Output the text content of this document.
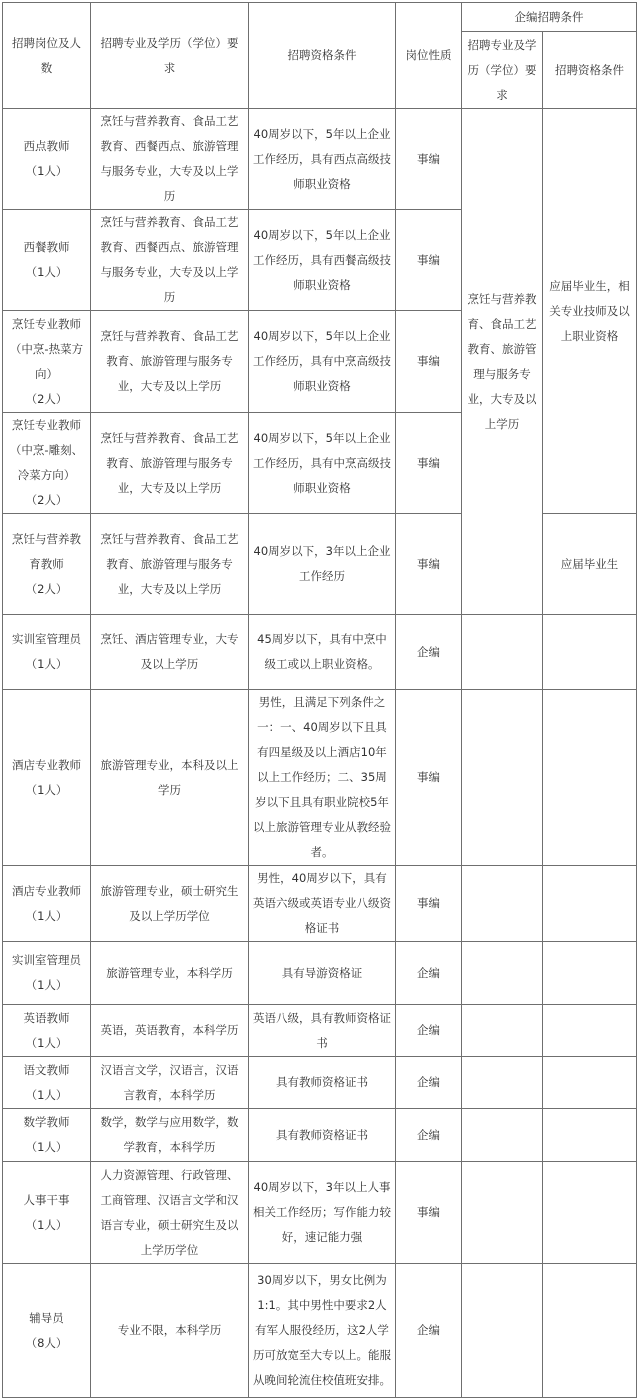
招聘岗位及人数	招聘专业及学历（学位）要求	招聘资格条件	岗位性质	企编招聘条件	
				招聘专业及学历（学位）要求	招聘资格条件

西点教师
（1人）	烹饪与营养教育、食品工艺教育、西餐西点、旅游管理与服务专业，大专及以上学历	40周岁以下，5年以上企业工作经历，具有西点高级技师职业资格	事编	烹饪与营养教育、食品工艺教育、旅游管理与服务专业，大专及以上学历	应届毕业生，相关专业技师及以上职业资格

西餐教师
（1人）	烹饪与营养教育、食品工艺教育、西餐西点、旅游管理与服务专业，大专及以上学历	40周岁以下，5年以上企业工作经历，具有西餐高级技师职业资格	事编		

烹饪专业教师（中烹-热菜方向）
（2人）	烹饪与营养教育、食品工艺教育、旅游管理与服务专业，大专及以上学历	40周岁以下，5年以上企业工作经历，具有中烹高级技师职业资格	事编		

烹饪专业教师（中烹-雕刻、冷菜方向）
（2人）	烹饪与营养教育、食品工艺教育、旅游管理与服务专业，大专及以上学历	40周岁以下，5年以上企业工作经历，具有中烹高级技师职业资格	事编		

烹饪与营养教育教师
（2人）	烹饪与营养教育、食品工艺教育、旅游管理与服务专业，大专及以上学历	40周岁以下，3年以上企业工作经历	事编		应届毕业生

实训室管理员
（1人）	烹饪、酒店管理专业，大专及以上学历	45周岁以下，具有中烹中级工或以上职业资格。	企编		

酒店专业教师
（1人）	旅游管理专业，本科及以上学历	男性，且满足下列条件之一：一、40周岁以下且具有四星级及以上酒店10年以上工作经历；二、35周岁以下且具有职业院校5年以上旅游管理专业从教经验者。	事编		

酒店专业教师
（1人）	旅游管理专业，硕士研究生及以上学历学位	男性，40周岁以下，具有英语六级或英语专业八级资格证书	事编		

实训室管理员
（1人）	旅游管理专业，本科学历	具有导游资格证	企编		

英语教师
（1人）	英语，英语教育，本科学历	英语八级，具有教师资格证书	企编		

语文教师
（1人）	汉语言文学，汉语言，汉语言教育，本科学历	具有教师资格证书	企编		

数学教师
（1人）	数学，数学与应用数学，数学教育，本科学历	具有教师资格证书	企编		

人事干事
（1人）	人力资源管理、行政管理、工商管理、汉语言文学和汉语言专业，硕士研究生及以上学历学位	40周岁以下，3年以上人事相关工作经历；写作能力较好，速记能力强	事编		

辅导员
（8人）	专业不限，本科学历	30周岁以下，男女比例为1:1。其中男性中要求2人有军人服役经历，这2人学历可放宽至大专以上。能服从晚间轮流住校值班安排。	企编		
